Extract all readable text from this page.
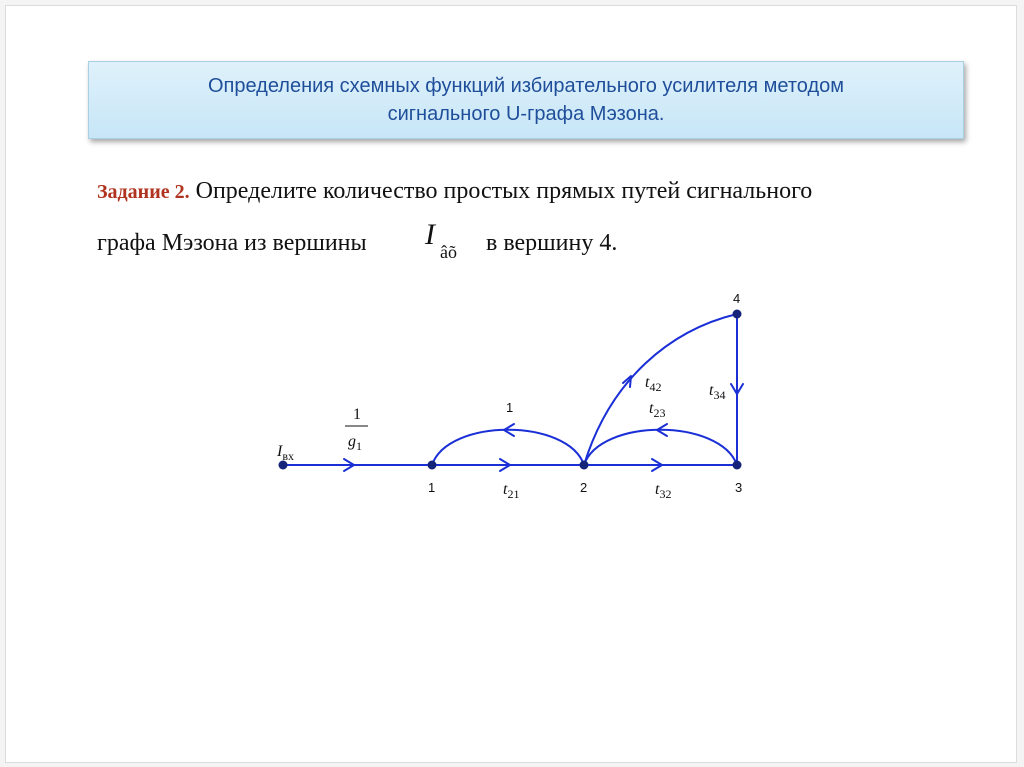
Определения схемных функций избирательного усилителя методом
сигнального U-графа Мэзона.
Задание 2. Определите количество простых прямых путей сигнального
графа Мэзона из вершины I
âõ в вершину 4.
1	2	3
4
$I_{вх}$
1
$g_1$
1
$t_{21}$	$t_{32}$
$t_{42}$
$t_{23}$
$t_{34}$
